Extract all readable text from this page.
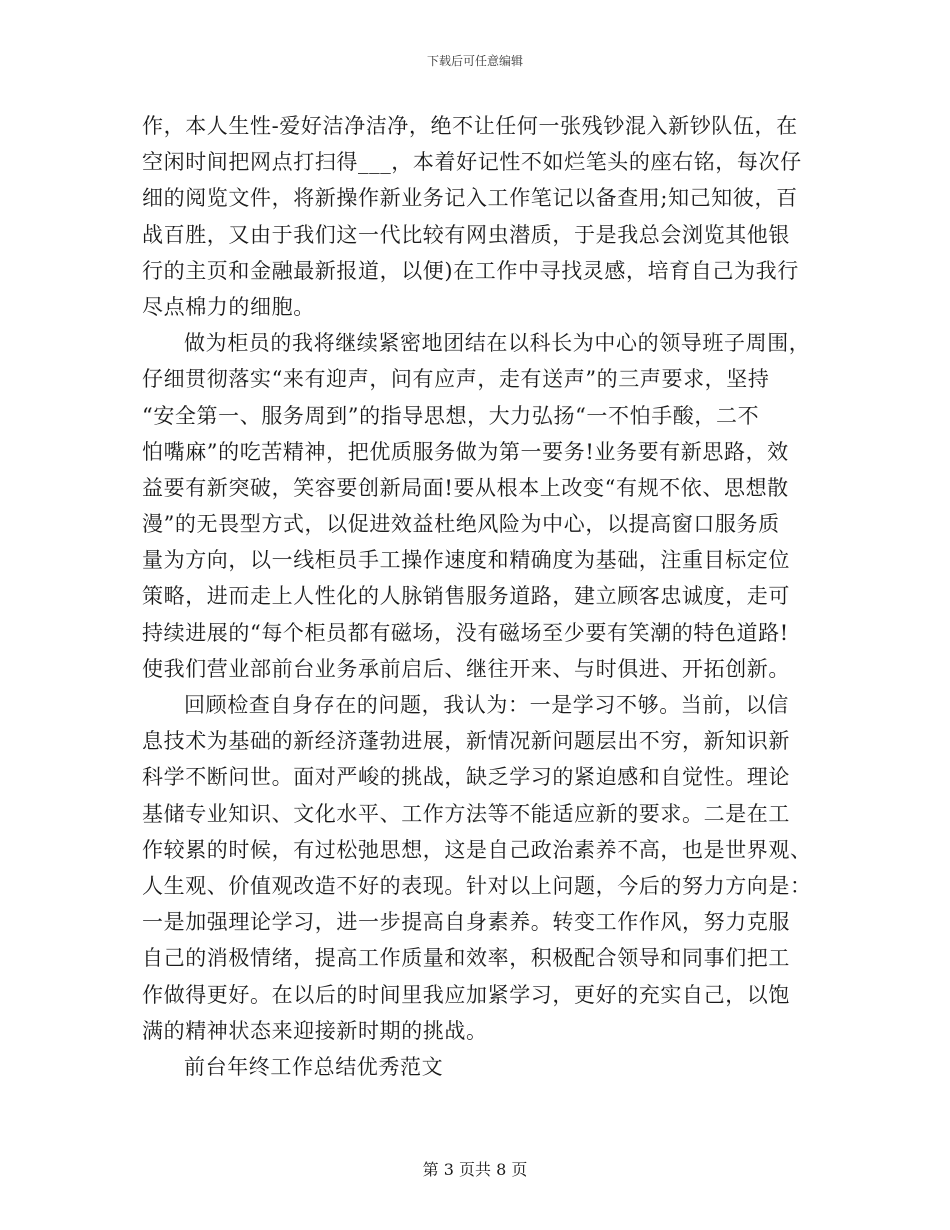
下载后可任意编辑
作，本人生性-爱好洁净洁净，绝不让任何一张残钞混入新钞队伍，在
空闲时间把网点打扫得___，本着好记性不如烂笔头的座右铭，每次仔
细的阅览文件，将新操作新业务记入工作笔记以备查用;知己知彼，百
战百胜，又由于我们这一代比较有网虫潜质，于是我总会浏览其他银
行的主页和金融最新报道，以便)在工作中寻找灵感，培育自己为我行
尽点棉力的细胞。
做为柜员的我将继续紧密地团结在以科长为中心的领导班子周围，
仔细贯彻落实“来有迎声，问有应声，走有送声”的三声要求，坚持
“安全第一、服务周到”的指导思想，大力弘扬“一不怕手酸，二不
怕嘴麻”的吃苦精神，把优质服务做为第一要务!业务要有新思路，效
益要有新突破，笑容要创新局面!要从根本上改变“有规不依、思想散
漫”的无畏型方式，以促进效益杜绝风险为中心，以提高窗口服务质
量为方向，以一线柜员手工操作速度和精确度为基础，注重目标定位
策略，进而走上人性化的人脉销售服务道路，建立顾客忠诚度，走可
持续进展的“每个柜员都有磁场，没有磁场至少要有笑潮的特色道路!
使我们营业部前台业务承前启后、继往开来、与时俱进、开拓创新。
回顾检查自身存在的问题，我认为：一是学习不够。当前，以信
息技术为基础的新经济蓬勃进展，新情况新问题层出不穷，新知识新
科学不断问世。面对严峻的挑战，缺乏学习的紧迫感和自觉性。理论
基储专业知识、文化水平、工作方法等不能适应新的要求。二是在工
作较累的时候，有过松弛思想，这是自己政治素养不高，也是世界观、
人生观、价值观改造不好的表现。针对以上问题，今后的努力方向是：
一是加强理论学习，进一步提高自身素养。转变工作作风，努力克服
自己的消极情绪，提高工作质量和效率，积极配合领导和同事们把工
作做得更好。在以后的时间里我应加紧学习，更好的充实自己，以饱
满的精神状态来迎接新时期的挑战。
前台年终工作总结优秀范文
第 3 页共 8 页
